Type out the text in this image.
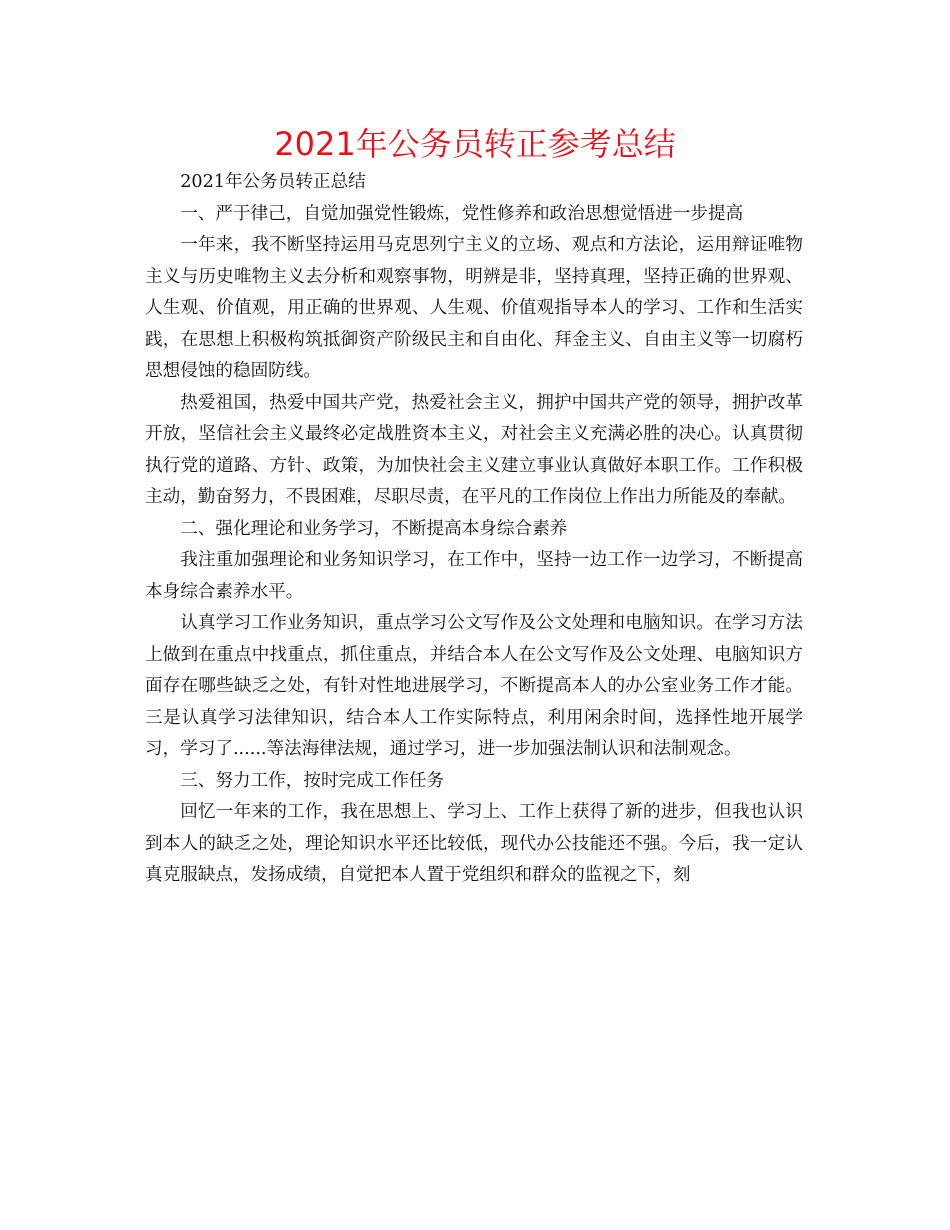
2021年公务员转正参考总结

2021年公务员转正总结

一、严于律己，自觉加强党性锻炼，党性修养和政治思想觉悟进一步提高

一年来，我不断坚持运用马克思列宁主义的立场、观点和方法论，运用辩证唯物主义与历史唯物主义去分析和观察事物，明辨是非，坚持真理，坚持正确的世界观、人生观、价值观，用正确的世界观、人生观、价值观指导本人的学习、工作和生活实践，在思想上积极构筑抵御资产阶级民主和自由化、拜金主义、自由主义等一切腐朽思想侵蚀的稳固防线。

热爱祖国，热爱中国共产党，热爱社会主义，拥护中国共产党的领导，拥护改革开放，坚信社会主义最终必定战胜资本主义，对社会主义充满必胜的决心。认真贯彻执行党的道路、方针、政策，为加快社会主义建立事业认真做好本职工作。工作积极主动，勤奋努力，不畏困难，尽职尽责，在平凡的工作岗位上作出力所能及的奉献。

二、强化理论和业务学习，不断提高本身综合素养

我注重加强理论和业务知识学习，在工作中，坚持一边工作一边学习，不断提高本身综合素养水平。

认真学习工作业务知识，重点学习公文写作及公文处理和电脑知识。在学习方法上做到在重点中找重点，抓住重点，并结合本人在公文写作及公文处理、电脑知识方面存在哪些缺乏之处，有针对性地进展学习，不断提高本人的办公室业务工作才能。三是认真学习法律知识，结合本人工作实际特点，利用闲余时间，选择性地开展学习，学习了......等法海律法规，通过学习，进一步加强法制认识和法制观念。

三、努力工作，按时完成工作任务

回忆一年来的工作，我在思想上、学习上、工作上获得了新的进步，但我也认识到本人的缺乏之处，理论知识水平还比较低，现代办公技能还不强。今后，我一定认真克服缺点，发扬成绩，自觉把本人置于党组织和群众的监视之下，刻
